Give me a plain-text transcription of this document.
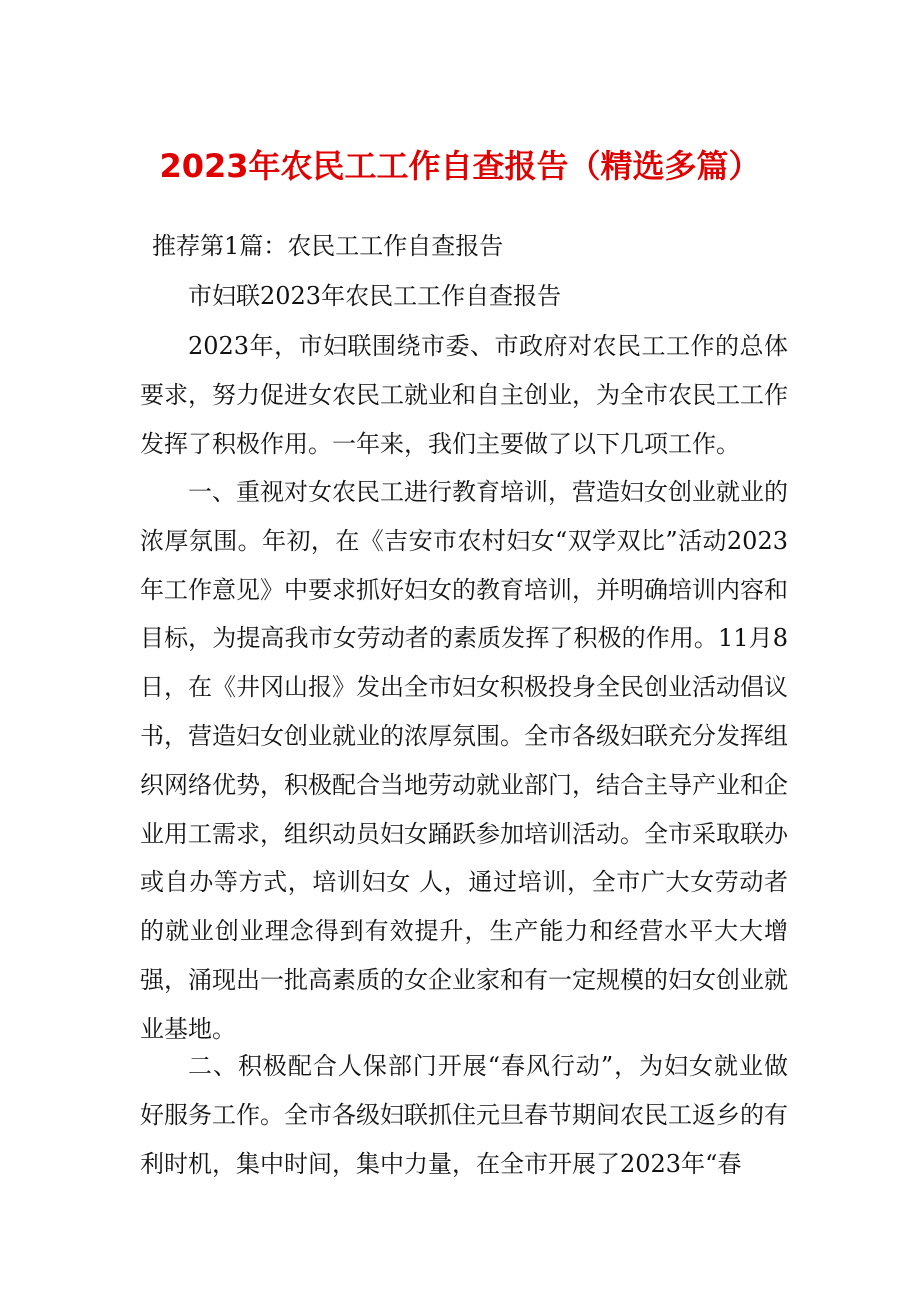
2023年农民工工作自查报告（精选多篇）
推荐第1篇：农民工工作自查报告
市妇联2023年农民工工作自查报告

2023年，市妇联围绕市委、市政府对农民工工作的总体要求，努力促进女农民工就业和自主创业，为全市农民工工作发挥了积极作用。一年来，我们主要做了以下几项工作。

一、重视对女农民工进行教育培训，营造妇女创业就业的浓厚氛围。年初，在《吉安市农村妇女“双学双比”活动2023年工作意见》中要求抓好妇女的教育培训，并明确培训内容和目标，为提高我市女劳动者的素质发挥了积极的作用。11月8日，在《井冈山报》发出全市妇女积极投身全民创业活动倡议书，营造妇女创业就业的浓厚氛围。全市各级妇联充分发挥组织网络优势，积极配合当地劳动就业部门，结合主导产业和企业用工需求，组织动员妇女踊跃参加培训活动。全市采取联办或自办等方式，培训妇女 人，通过培训，全市广大女劳动者的就业创业理念得到有效提升，生产能力和经营水平大大增强，涌现出一批高素质的女企业家和有一定规模的妇女创业就业基地。

二、积极配合人保部门开展“春风行动”，为妇女就业做好服务工作。全市各级妇联抓住元旦春节期间农民工返乡的有利时机，集中时间，集中力量，在全市开展了2023年“春
